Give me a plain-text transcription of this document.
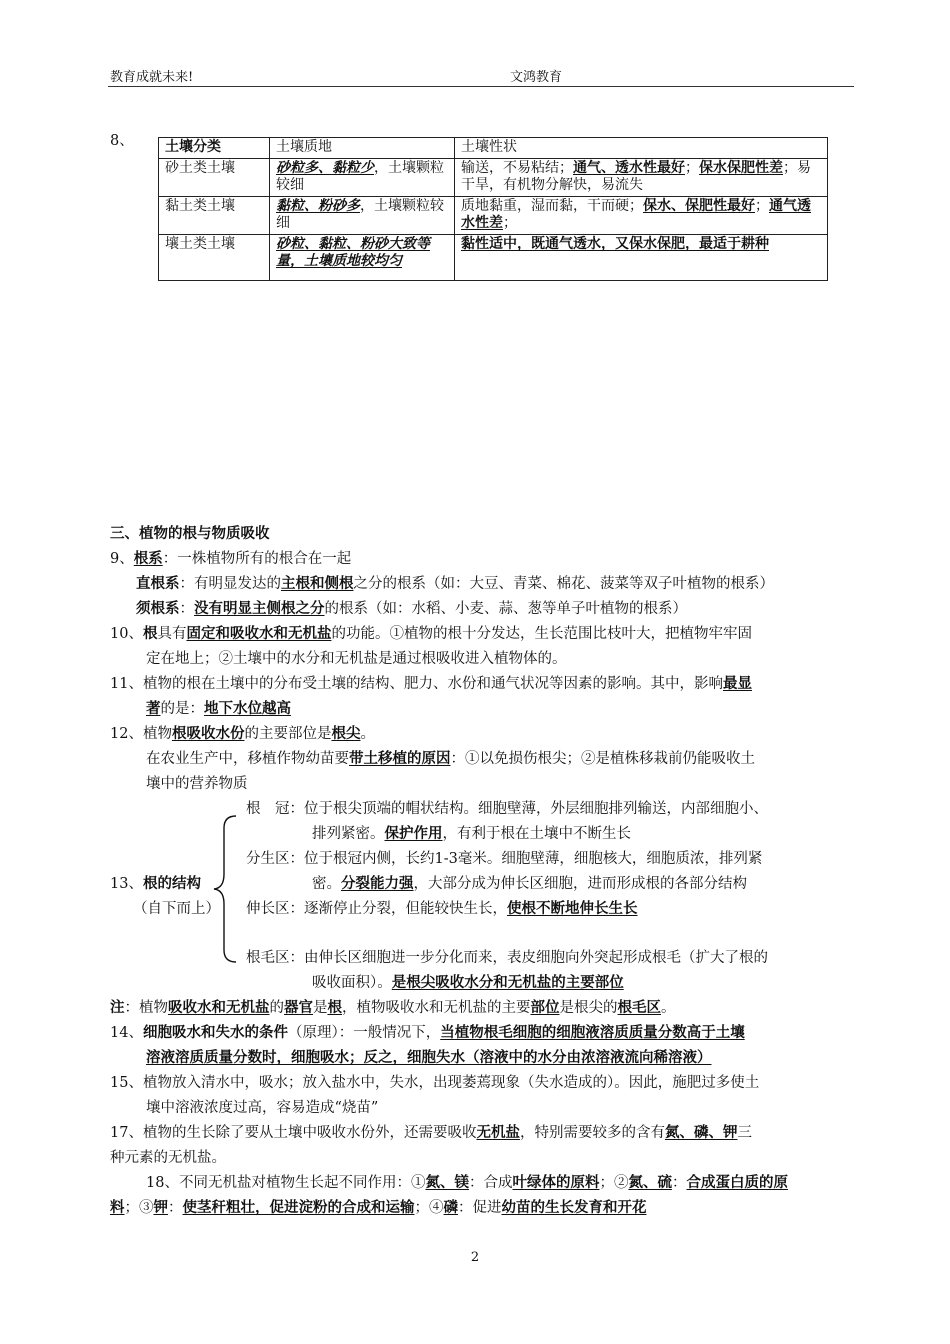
教育成就未来!	文鸿教育
8、 土壤分类	土壤质地	土壤性状
砂土类土壤	砂粒多、黏粒少，土壤颗粒较细	输送，不易粘结；通气、透水性最好；保水保肥性差；易干旱，有机物分解快，易流失
黏土类土壤	黏粒、粉砂多，土壤颗粒较细	质地黏重，湿而黏，干而硬；保水、保肥性最好；通气透水性差；
壤土类土壤	砂粒、黏粒、粉砂大致等量，土壤质地较均匀	黏性适中，既通气透水，又保水保肥，最适于耕种
三、植物的根与物质吸收
9、根系：一株植物所有的根合在一起
直根系：有明显发达的主根和侧根之分的根系（如：大豆、青菜、棉花、菠菜等双子叶植物的根系）
须根系：没有明显主侧根之分的根系（如：水稻、小麦、蒜、葱等单子叶植物的根系）
10、根具有固定和吸收水和无机盐的功能。①植物的根十分发达，生长范围比枝叶大，把植物牢牢固
定在地上；②土壤中的水分和无机盐是通过根吸收进入植物体的。
11、植物的根在土壤中的分布受土壤的结构、肥力、水份和通气状况等因素的影响。其中，影响最显
著的是：地下水位越高
12、植物根吸收水份的主要部位是根尖。
在农业生产中，移植作物幼苗要带土移植的原因：①以免损伤根尖；②是植株移栽前仍能吸收土
壤中的营养物质
13、根的结构
（自下而上）
根　冠：位于根尖顶端的帽状结构。细胞壁薄，外层细胞排列输送，内部细胞小、
排列紧密。保护作用，有利于根在土壤中不断生长
分生区：位于根冠内侧，长约1-3毫米。细胞壁薄，细胞核大，细胞质浓，排列紧
密。分裂能力强，大部分成为伸长区细胞，进而形成根的各部分结构
伸长区：逐渐停止分裂，但能较快生长，使根不断地伸长生长
根毛区：由伸长区细胞进一步分化而来，表皮细胞向外突起形成根毛（扩大了根的
吸收面积）。是根尖吸收水分和无机盐的主要部位
注：植物吸收水和无机盐的器官是根，植物吸收水和无机盐的主要部位是根尖的根毛区。
14、细胞吸水和失水的条件（原理）：一般情况下，当植物根毛细胞的细胞液溶质质量分数高于土壤
溶液溶质质量分数时，细胞吸水；反之，细胞失水（溶液中的水分由浓溶液流向稀溶液）
15、植物放入清水中，吸水；放入盐水中，失水，出现萎蔫现象（失水造成的）。因此，施肥过多使土
壤中溶液浓度过高，容易造成“烧苗”
17、植物的生长除了要从土壤中吸收水份外，还需要吸收无机盐，特别需要较多的含有氮、磷、钾三
种元素的无机盐。
18、不同无机盐对植物生长起不同作用：①氮、镁：合成叶绿体的原料；②氮、硫：合成蛋白质的原
料；③钾：使茎秆粗壮，促进淀粉的合成和运输；④磷：促进幼苗的生长发育和开花
2
